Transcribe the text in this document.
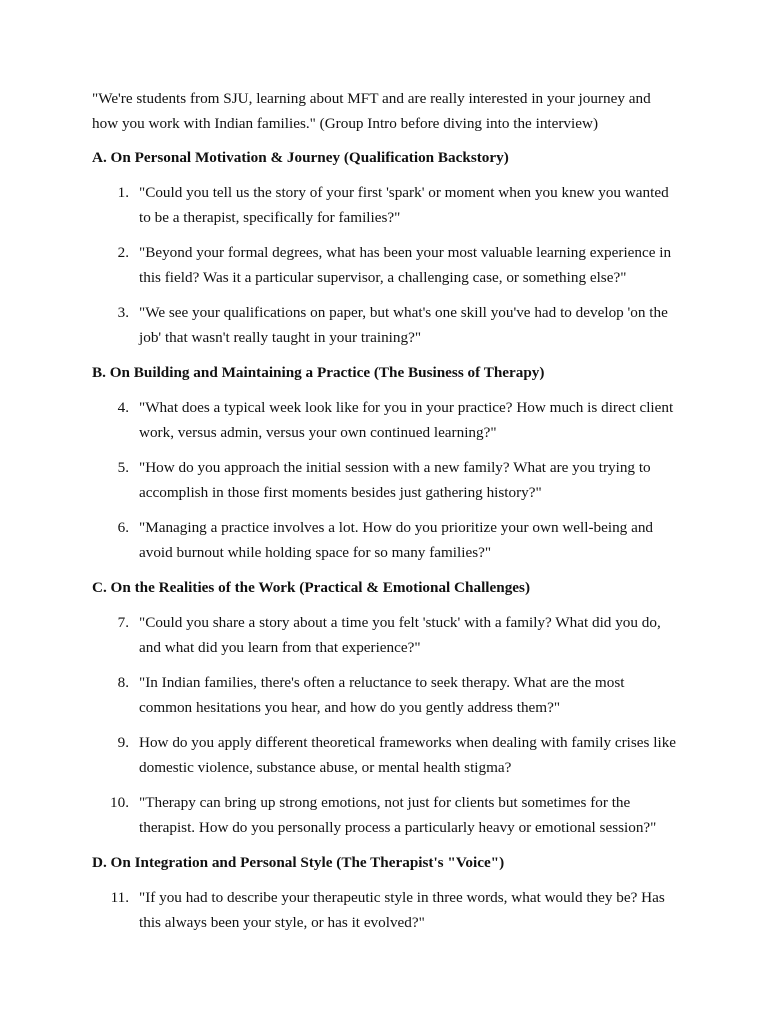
"We're students from SJU, learning about MFT and are really interested in your journey and how you work with Indian families." (Group Intro before diving into the interview)

A. On Personal Motivation & Journey (Qualification Backstory)

1. "Could you tell us the story of your first 'spark' or moment when you knew you wanted to be a therapist, specifically for families?"
2. "Beyond your formal degrees, what has been your most valuable learning experience in this field? Was it a particular supervisor, a challenging case, or something else?"
3. "We see your qualifications on paper, but what's one skill you've had to develop 'on the job' that wasn't really taught in your training?"

B. On Building and Maintaining a Practice (The Business of Therapy)

4. "What does a typical week look like for you in your practice? How much is direct client work, versus admin, versus your own continued learning?"
5. "How do you approach the initial session with a new family? What are you trying to accomplish in those first moments besides just gathering history?"
6. "Managing a practice involves a lot. How do you prioritize your own well-being and avoid burnout while holding space for so many families?"

C. On the Realities of the Work (Practical & Emotional Challenges)

7. "Could you share a story about a time you felt 'stuck' with a family? What did you do, and what did you learn from that experience?"
8. "In Indian families, there's often a reluctance to seek therapy. What are the most common hesitations you hear, and how do you gently address them?"
9. How do you apply different theoretical frameworks when dealing with family crises like domestic violence, substance abuse, or mental health stigma?
10. "Therapy can bring up strong emotions, not just for clients but sometimes for the therapist. How do you personally process a particularly heavy or emotional session?"

D. On Integration and Personal Style (The Therapist's "Voice")

11. "If you had to describe your therapeutic style in three words, what would they be? Has this always been your style, or has it evolved?"
